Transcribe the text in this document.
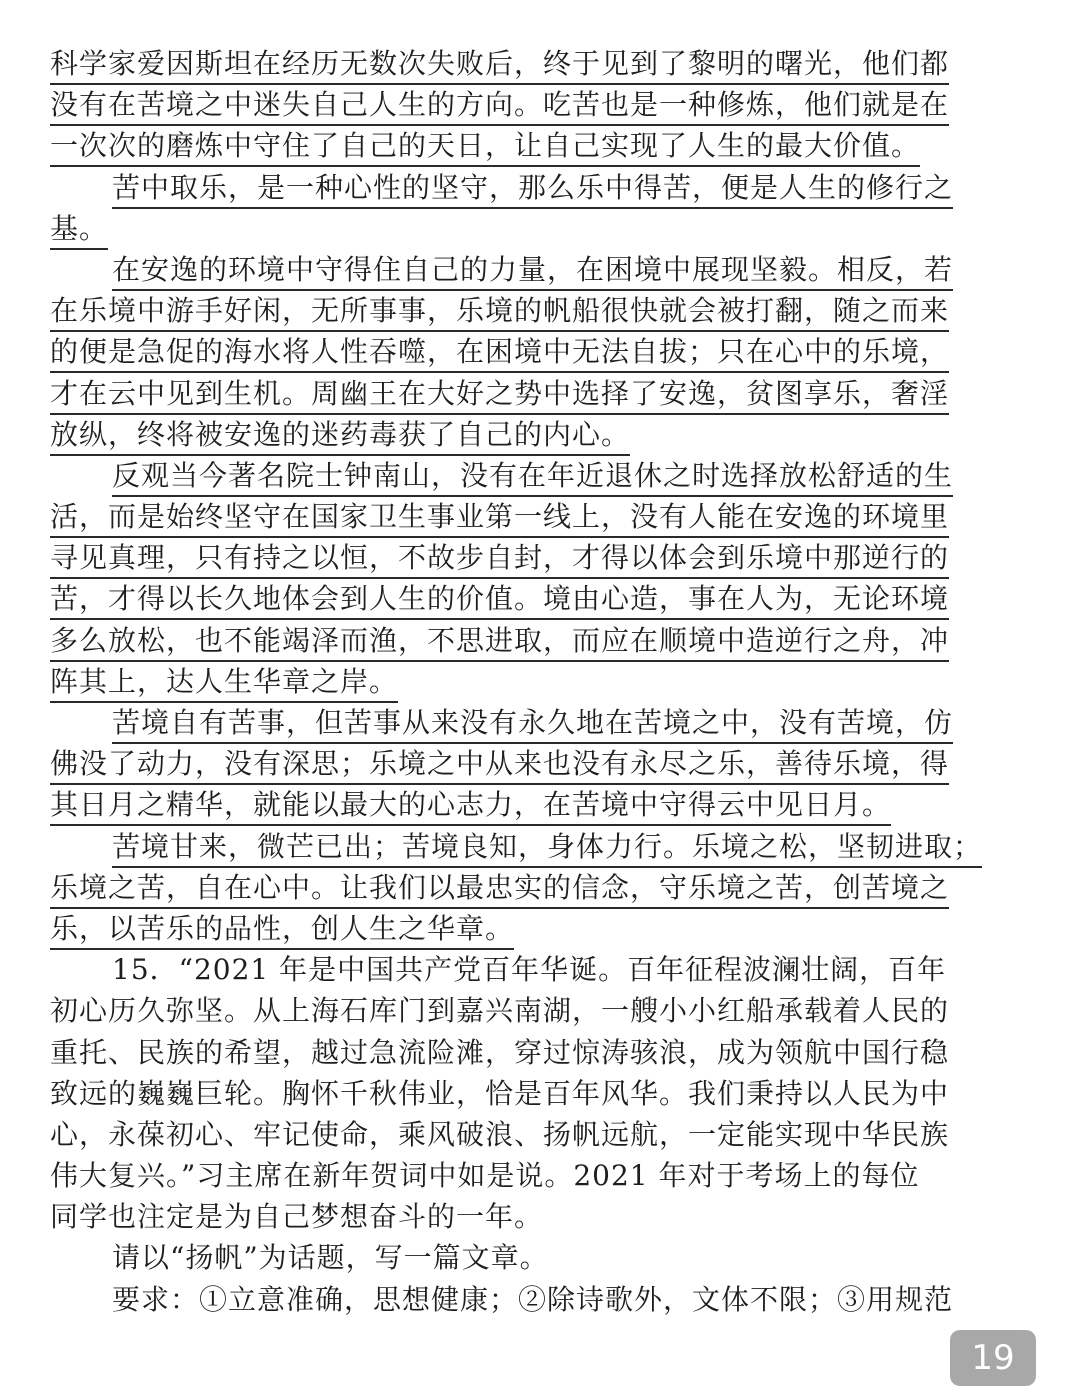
科学家爱因斯坦在经历无数次失败后，终于见到了黎明的曙光，他们都
没有在苦境之中迷失自己人生的方向。吃苦也是一种修炼，他们就是在
一次次的磨炼中守住了自己的天日，让自己实现了人生的最大价值。
苦中取乐，是一种心性的坚守，那么乐中得苦，便是人生的修行之
基。
在安逸的环境中守得住自己的力量，在困境中展现坚毅。相反，若
在乐境中游手好闲，无所事事，乐境的帆船很快就会被打翻，随之而来
的便是急促的海水将人性吞噬，在困境中无法自拔；只在心中的乐境，
才在云中见到生机。周幽王在大好之势中选择了安逸，贫图享乐，奢淫
放纵，终将被安逸的迷药毒获了自己的内心。
反观当今著名院士钟南山，没有在年近退休之时选择放松舒适的生
活，而是始终坚守在国家卫生事业第一线上，没有人能在安逸的环境里
寻见真理，只有持之以恒，不故步自封，才得以体会到乐境中那逆行的
苦，才得以长久地体会到人生的价值。境由心造，事在人为，无论环境
多么放松，也不能竭泽而渔，不思进取，而应在顺境中造逆行之舟，冲
阵其上，达人生华章之岸。
苦境自有苦事，但苦事从来没有永久地在苦境之中，没有苦境，仿
佛没了动力，没有深思；乐境之中从来也没有永尽之乐，善待乐境，得
其日月之精华，就能以最大的心志力，在苦境中守得云中见日月。
苦境甘来，微芒已出；苦境良知，身体力行。乐境之松，坚韧进取；
乐境之苦，自在心中。让我们以最忠实的信念，守乐境之苦，创苦境之
乐，以苦乐的品性，创人生之华章。
15．“2021 年是中国共产党百年华诞。百年征程波澜壮阔，百年
初心历久弥坚。从上海石库门到嘉兴南湖，一艘小小红船承载着人民的
重托、民族的希望，越过急流险滩，穿过惊涛骇浪，成为领航中国行稳
致远的巍巍巨轮。胸怀千秋伟业，恰是百年风华。我们秉持以人民为中
心，永葆初心、牢记使命，乘风破浪、扬帆远航，一定能实现中华民族
伟大复兴。”习主席在新年贺词中如是说。2021 年对于考场上的每位
同学也注定是为自己梦想奋斗的一年。
请以“扬帆”为话题，写一篇文章。
要求：①立意准确，思想健康；②除诗歌外，文体不限；③用规范
19
